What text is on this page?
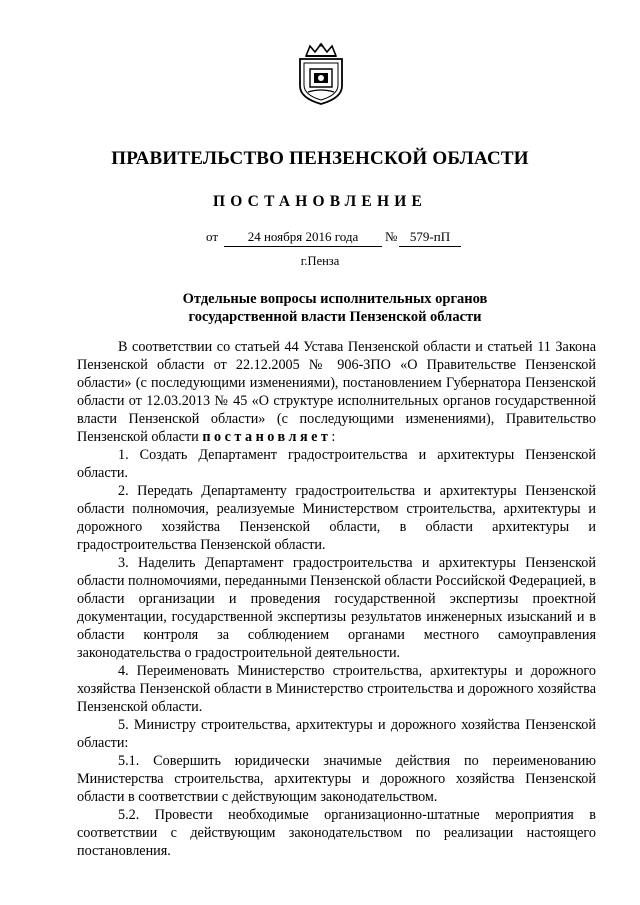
ПРАВИТЕЛЬСТВО ПЕНЗЕНСКОЙ ОБЛАСТИ
ПОСТАНОВЛЕНИЕ
от	24 ноября 2016 года	№ 579-пП
г.Пенза
Отдельные вопросы исполнительных органов
государственной власти Пензенской области

В соответствии со статьей 44 Устава Пензенской области и статьей 11 Закона Пензенской области от 22.12.2005 № 906-ЗПО «О Правительстве Пензенской области» (с последующими изменениями), постановлением Губернатора Пензенской области от 12.03.2013 № 45 «О структуре исполнительных органов государственной власти Пензенской области» (с последующими изменениями), Правительство Пензенской области постановляет:

1. Создать Департамент градостроительства и архитектуры Пензенской области.

2. Передать Департаменту градостроительства и архитектуры Пензенской области полномочия, реализуемые Министерством строительства, архитектуры и дорожного хозяйства Пензенской области, в области архитектуры и градостроительства Пензенской области.

3. Наделить Департамент градостроительства и архитектуры Пензенской области полномочиями, переданными Пензенской области Российской Федерацией, в области организации и проведения государственной экспертизы проектной документации, государственной экспертизы результатов инженерных изысканий и в области контроля за соблюдением органами местного самоуправления законодательства о градостроительной деятельности.

4. Переименовать Министерство строительства, архитектуры и дорожного хозяйства Пензенской области в Министерство строительства и дорожного хозяйства Пензенской области.

5. Министру строительства, архитектуры и дорожного хозяйства Пензенской области:

5.1. Совершить юридически значимые действия по переименованию Министерства строительства, архитектуры и дорожного хозяйства Пензенской области в соответствии с действующим законодательством.

5.2. Провести необходимые организационно-штатные мероприятия в соответствии с действующим законодательством по реализации настоящего постановления.
